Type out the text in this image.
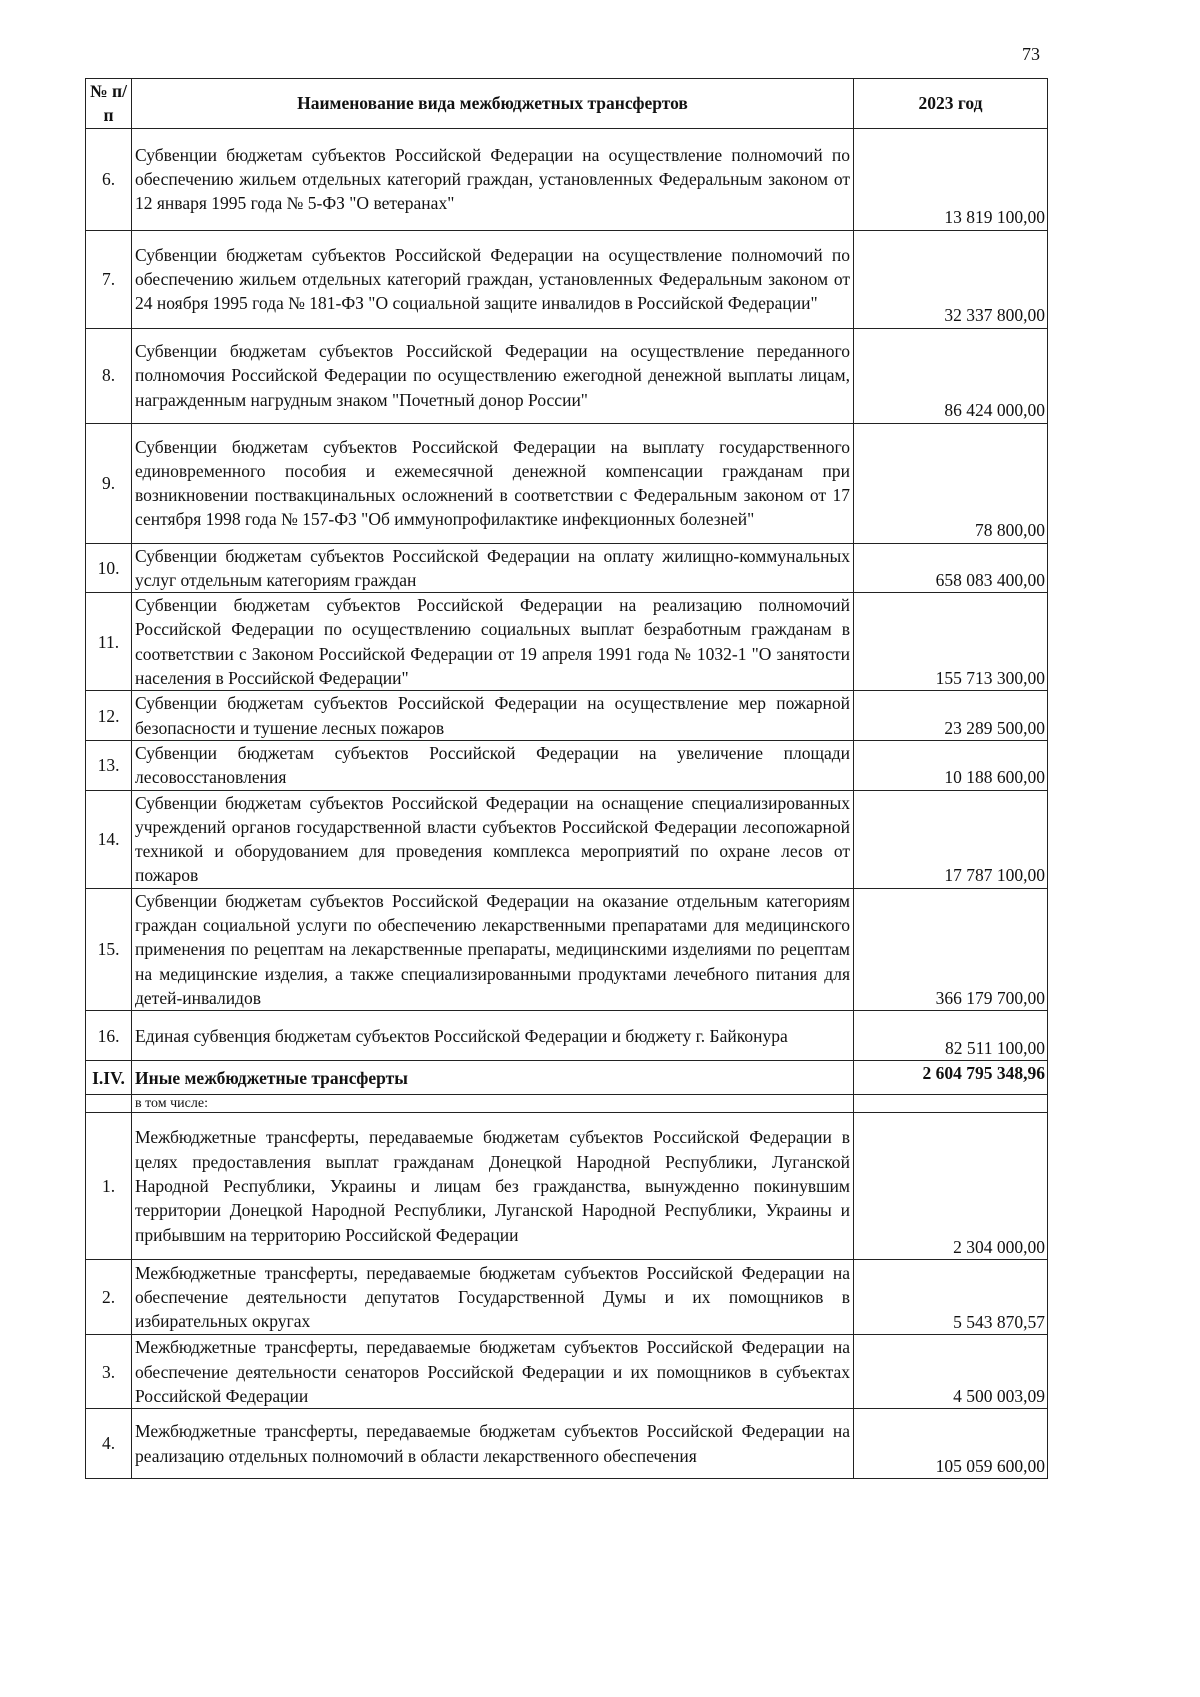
73
№ п/п	Наименование вида межбюджетных трансфертов	2023 год
6.	Субвенции бюджетам субъектов Российской Федерации на осуществление полномочий по обеспечению жильем отдельных категорий граждан, установленных Федеральным законом от 12 января 1995 года № 5-ФЗ "О ветеранах"	13 819 100,00
7.	Субвенции бюджетам субъектов Российской Федерации на осуществление полномочий по обеспечению жильем отдельных категорий граждан, установленных Федеральным законом от 24 ноября 1995 года № 181-ФЗ "О социальной защите инвалидов в Российской Федерации"	32 337 800,00
8.	Субвенции бюджетам субъектов Российской Федерации на осуществление переданного полномочия Российской Федерации по осуществлению ежегодной денежной выплаты лицам, награжденным нагрудным знаком "Почетный донор России"	86 424 000,00
9.	Субвенции бюджетам субъектов Российской Федерации на выплату государственного единовременного пособия и ежемесячной денежной компенсации гражданам при возникновении поствакцинальных осложнений в соответствии с Федеральным законом от 17 сентября 1998 года № 157-ФЗ "Об иммунопрофилактике инфекционных болезней"	78 800,00
10.	Субвенции бюджетам субъектов Российской Федерации на оплату жилищно-коммунальных услуг отдельным категориям граждан	658 083 400,00
11.	Субвенции бюджетам субъектов Российской Федерации на реализацию полномочий Российской Федерации по осуществлению социальных выплат безработным гражданам в соответствии с Законом Российской Федерации от 19 апреля 1991 года № 1032-1 "О занятости населения в Российской Федерации"	155 713 300,00
12.	Субвенции бюджетам субъектов Российской Федерации на осуществление мер пожарной безопасности и тушение лесных пожаров	23 289 500,00
13.	Субвенции бюджетам субъектов Российской Федерации на увеличение площади лесовосстановления	10 188 600,00
14.	Субвенции бюджетам субъектов Российской Федерации на оснащение специализированных учреждений органов государственной власти субъектов Российской Федерации лесопожарной техникой и оборудованием для проведения комплекса мероприятий по охране лесов от пожаров	17 787 100,00
15.	Субвенции бюджетам субъектов Российской Федерации на оказание отдельным категориям граждан социальной услуги по обеспечению лекарственными препаратами для медицинского применения по рецептам на лекарственные препараты, медицинскими изделиями по рецептам на медицинские изделия, а также специализированными продуктами лечебного питания для детей-инвалидов	366 179 700,00
16.	Единая субвенция бюджетам субъектов Российской Федерации и бюджету г. Байконура	82 511 100,00
I.IV.	Иные межбюджетные трансферты	2 604 795 348,96
	в том числе:	
1.	Межбюджетные трансферты, передаваемые бюджетам субъектов Российской Федерации в целях предоставления выплат гражданам Донецкой Народной Республики, Луганской Народной Республики, Украины и лицам без гражданства, вынужденно покинувшим территории Донецкой Народной Республики, Луганской Народной Республики, Украины и прибывшим на территорию Российской Федерации	2 304 000,00
2.	Межбюджетные трансферты, передаваемые бюджетам субъектов Российской Федерации на обеспечение деятельности депутатов Государственной Думы и их помощников в избирательных округах	5 543 870,57
3.	Межбюджетные трансферты, передаваемые бюджетам субъектов Российской Федерации на обеспечение деятельности сенаторов Российской Федерации и их помощников в субъектах Российской Федерации	4 500 003,09
4.	Межбюджетные трансферты, передаваемые бюджетам субъектов Российской Федерации на реализацию отдельных полномочий в области лекарственного обеспечения	105 059 600,00
